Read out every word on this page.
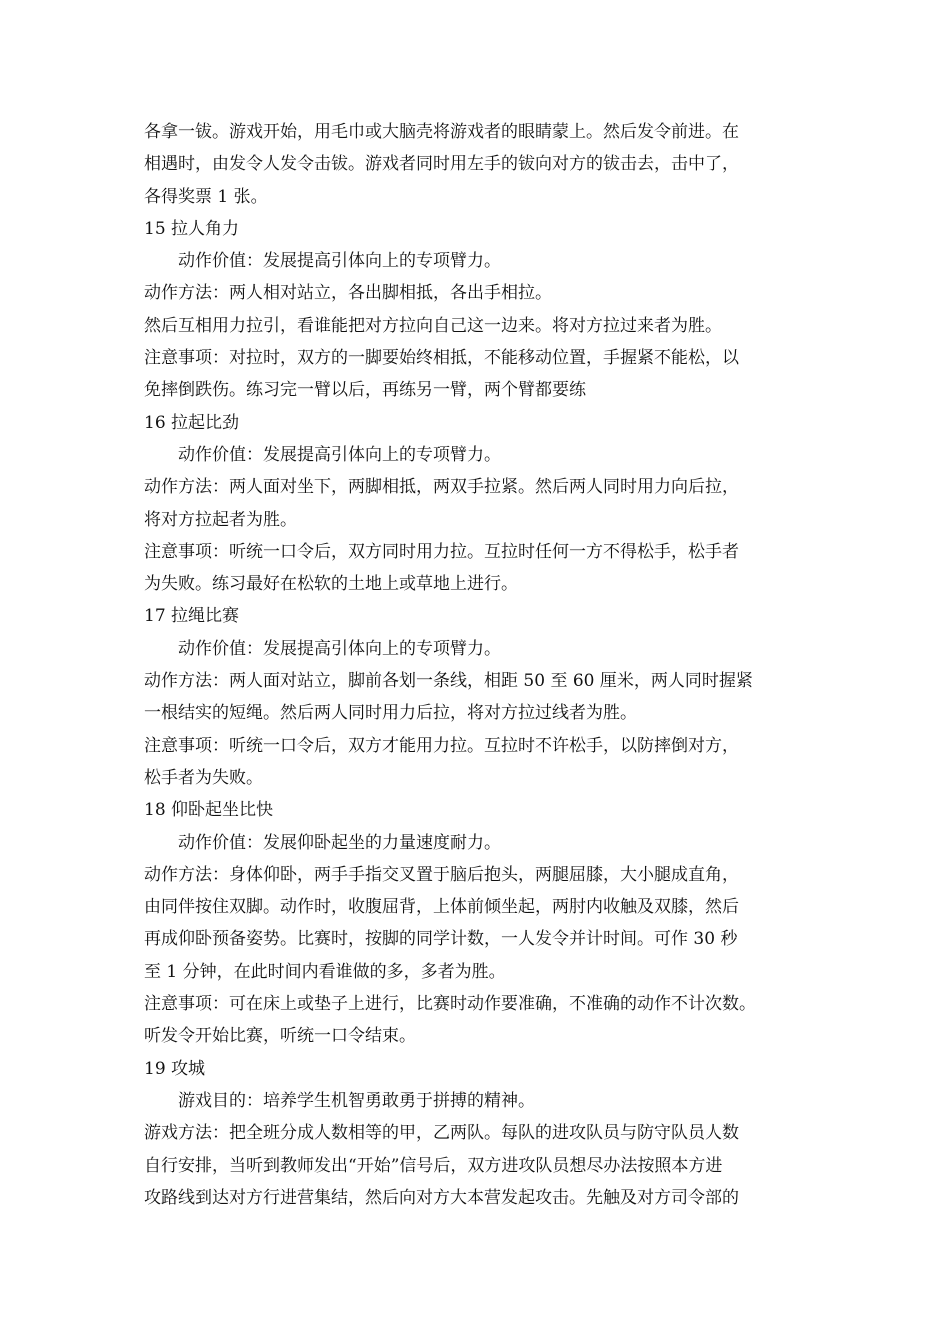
各拿一钹。游戏开始，用毛巾或大脑壳将游戏者的眼睛蒙上。然后发令前进。在
相遇时，由发令人发令击钹。游戏者同时用左手的钹向对方的钹击去，击中了，
各得奖票 1 张。
15 拉人角力
动作价值：发展提高引体向上的专项臂力。
动作方法：两人相对站立，各出脚相抵，各出手相拉。
然后互相用力拉引，看谁能把对方拉向自己这一边来。将对方拉过来者为胜。
注意事项：对拉时，双方的一脚要始终相抵，不能移动位置，手握紧不能松，以
免摔倒跌伤。练习完一臂以后，再练另一臂，两个臂都要练
16 拉起比劲
动作价值：发展提高引体向上的专项臂力。
动作方法：两人面对坐下，两脚相抵，两双手拉紧。然后两人同时用力向后拉，
将对方拉起者为胜。
注意事项：听统一口令后，双方同时用力拉。互拉时任何一方不得松手，松手者
为失败。练习最好在松软的土地上或草地上进行。
17 拉绳比赛
动作价值：发展提高引体向上的专项臂力。
动作方法：两人面对站立，脚前各划一条线，相距 50 至 60 厘米，两人同时握紧
一根结实的短绳。然后两人同时用力后拉，将对方拉过线者为胜。
注意事项：听统一口令后，双方才能用力拉。互拉时不许松手，以防摔倒对方，
松手者为失败。
18 仰卧起坐比快
动作价值：发展仰卧起坐的力量速度耐力。
动作方法：身体仰卧，两手手指交叉置于脑后抱头，两腿屈膝，大小腿成直角，
由同伴按住双脚。动作时，收腹屈背，上体前倾坐起，两肘内收触及双膝，然后
再成仰卧预备姿势。比赛时，按脚的同学计数，一人发令并计时间。可作 30 秒
至 1 分钟，在此时间内看谁做的多，多者为胜。
注意事项：可在床上或垫子上进行，比赛时动作要准确，不准确的动作不计次数。
听发令开始比赛，听统一口令结束。
19 攻城
游戏目的：培养学生机智勇敢勇于拼搏的精神。
游戏方法：把全班分成人数相等的甲，乙两队。每队的进攻队员与防守队员人数
自行安排，当听到教师发出“开始”信号后，双方进攻队员想尽办法按照本方进
攻路线到达对方行进营集结，然后向对方大本营发起攻击。先触及对方司令部的
